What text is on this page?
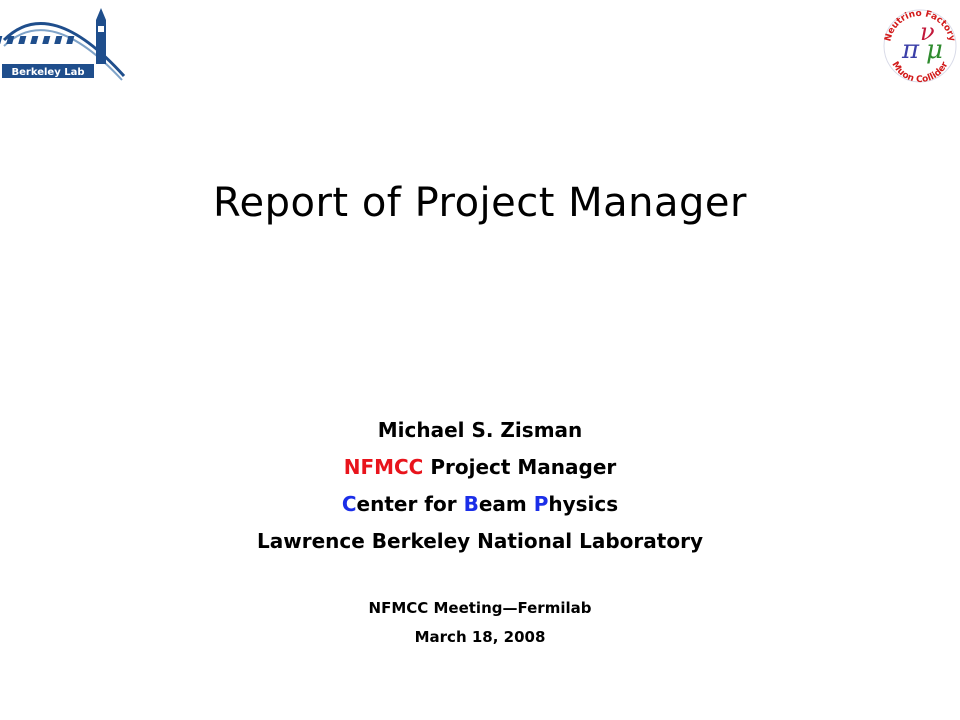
Berkeley Lab
Neutrino Factory
Muon Collider
π
ν
μ
Report of Project Manager
Michael S. Zisman
NFMCC Project Manager
Center for Beam Physics
Lawrence Berkeley National Laboratory
NFMCC Meeting—Fermilab
March 18, 2008
